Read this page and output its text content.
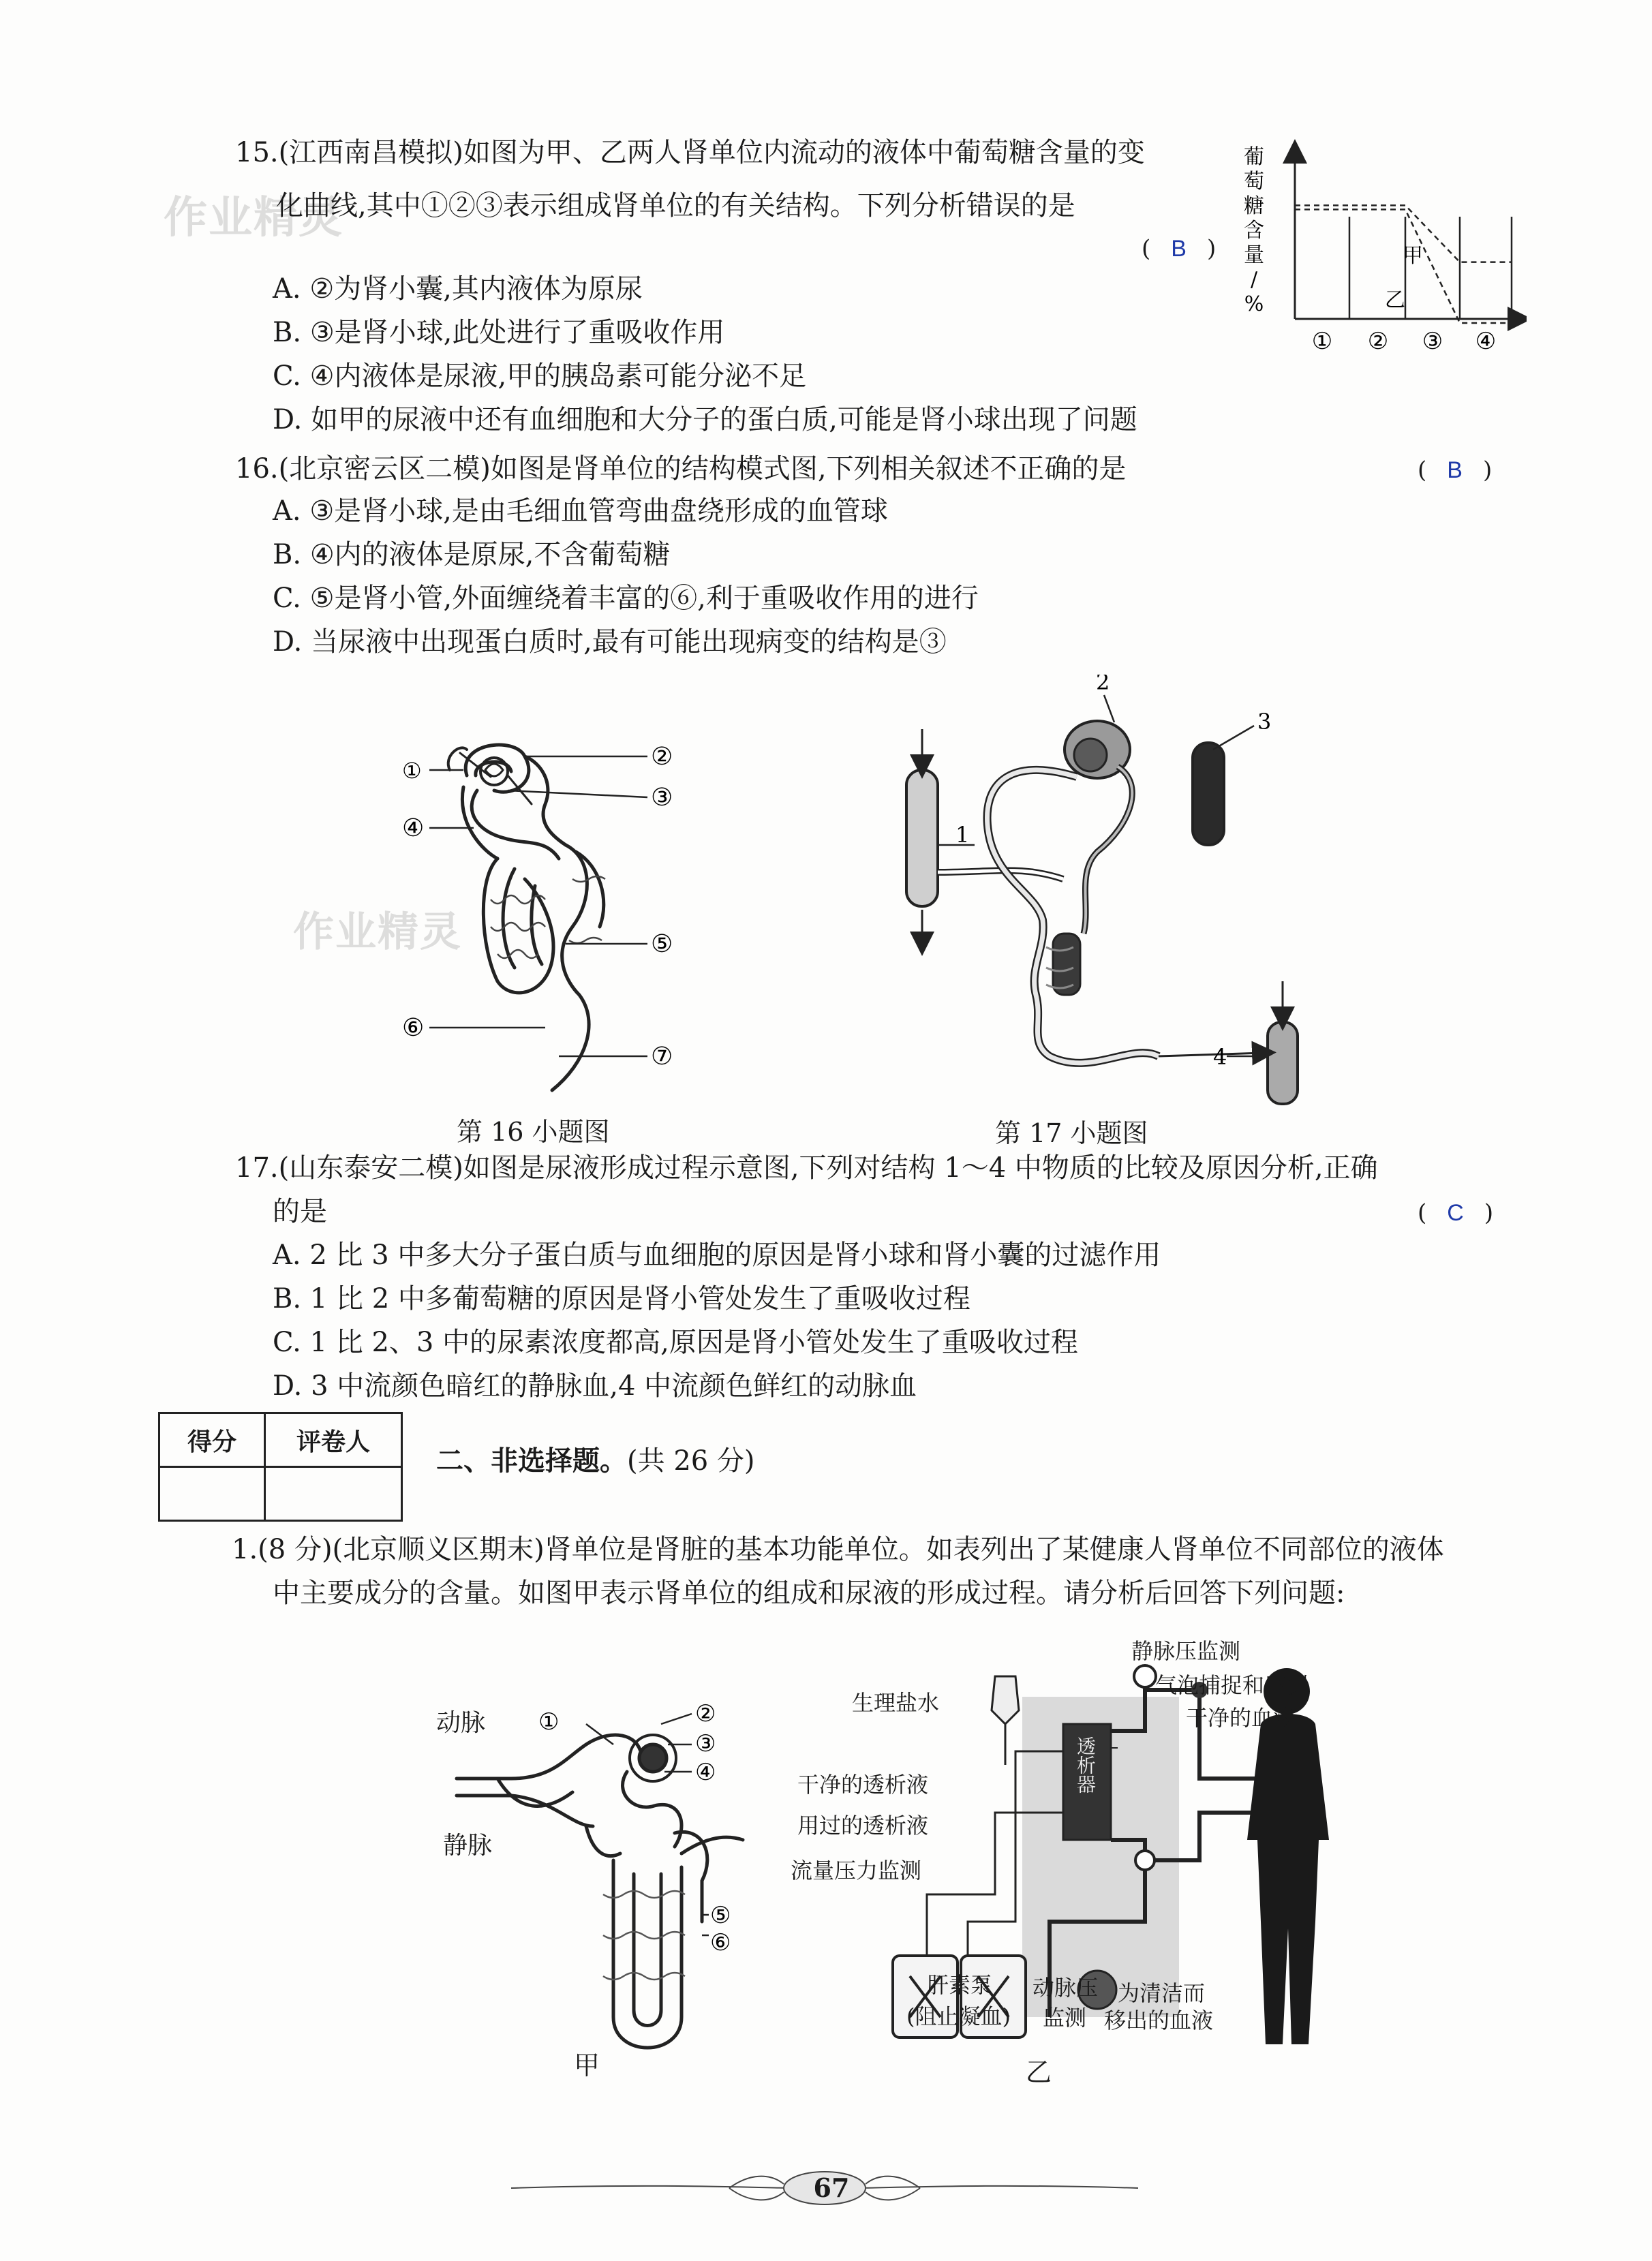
15.(江西南昌模拟)如图为甲、乙两人肾单位内流动的液体中葡萄糖含量的变
作业精灵
化曲线,其中①②③表示组成肾单位的有关结构。下列分析错误的是
( B )
A. ②为肾小囊,其内液体为原尿
B. ③是肾小球,此处进行了重吸收作用
C. ④内液体是尿液,甲的胰岛素可能分泌不足
D. 如甲的尿液中还有血细胞和大分子的蛋白质,可能是肾小球出现了问题
葡
萄
糖
含
量
/
%
甲
乙
① ② ③ ④
16.(北京密云区二模)如图是肾单位的结构模式图,下列相关叙述不正确的是	( B )
A. ③是肾小球,是由毛细血管弯曲盘绕形成的血管球
B. ④内的液体是原尿,不含葡萄糖
C. ⑤是肾小管,外面缠绕着丰富的⑥,利于重吸收作用的进行
D. 当尿液中出现蛋白质时,最有可能出现病变的结构是③
①	②
③
④
⑤
⑥
⑦
作业精灵
第 16 小题图
1
2
3
4
第 17 小题图
17.(山东泰安二模)如图是尿液形成过程示意图,下列对结构 1～4 中物质的比较及原因分析,正确
的是	( C )
A. 2 比 3 中多大分子蛋白质与血细胞的原因是肾小球和肾小囊的过滤作用
B. 1 比 2 中多葡萄糖的原因是肾小管处发生了重吸收过程
C. 1 比 2、3 中的尿素浓度都高,原因是肾小管处发生了重吸收过程
D. 3 中流颜色暗红的静脉血,4 中流颜色鲜红的动脉血
得分	评卷人

二、非选择题。(共 26 分)
1.(8 分)(北京顺义区期末)肾单位是肾脏的基本功能单位。如表列出了某健康人肾单位不同部位的液体
中主要成分的含量。如图甲表示肾单位的组成和尿液的形成过程。请分析后回答下列问题:
①	②
③
④
⑤
⑥
动脉
静脉
甲
静脉压监测
气泡捕捉和监测
干净的血液
生理盐水
干净的透析液
用过的透析液
流量压力监测
透析器
肝素泵
(阻止凝血)
动脉压
监测
为清洁而
移出的血液
乙
67
